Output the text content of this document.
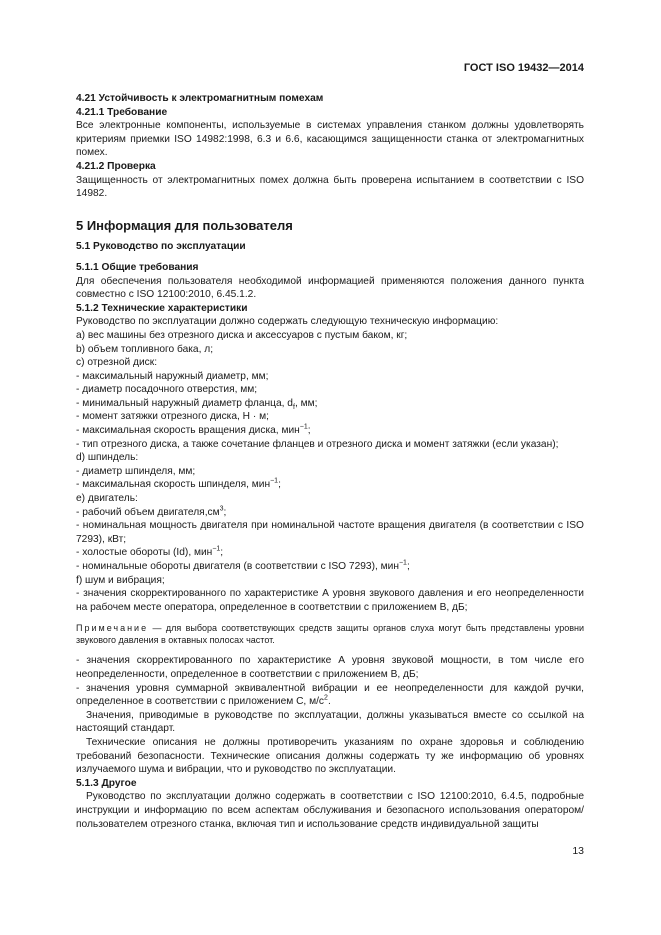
ГОСТ ISO 19432—2014

4.21 Устойчивость к электромагнитным помехам

4.21.1 Требование

Все электронные компоненты, используемые в системах управления станком должны удовлетворять критериям приемки ISO 14982:1998, 6.3 и 6.6, касающимся защищенности станка от электромагнитных помех.

4.21.2 Проверка

Защищенность от электромагнитных помех должна быть проверена испытанием в соответствии с ISO 14982.

5 Информация для пользователя

5.1 Руководство по эксплуатации

5.1.1 Общие требования

Для обеспечения пользователя необходимой информацией применяются положения данного пункта совместно с ISO 12100:2010, 6.45.1.2.

5.1.2 Технические характеристики

Руководство по эксплуатации должно содержать следующую техническую информацию:

а) вес машины без отрезного диска и аксессуаров с пустым баком, кг;

b) объем топливного бака, л;

с) отрезной диск:

- максимальный наружный диаметр, мм;

- диаметр посадочного отверстия, мм;

- минимальный наружный диаметр фланца, $d_f$, мм;

- момент затяжки отрезного диска, Н · м;

- максимальная скорость вращения диска, мин$^{-1}$;

- тип отрезного диска, а также сочетание фланцев и отрезного диска и момент затяжки (если указан);

d) шпиндель:

- диаметр шпинделя, мм;

- максимальная скорость шпинделя, мин$^{-1}$;

е) двигатель:

- рабочий объем $двигателя,см^3$;

- номинальная мощность двигателя при номинальной частоте вращения двигателя (в соответствии с ISO 7293), кВт;

- холостые обороты (Id), мин$^{-1}$;

- номинальные обороты двигателя (в соответствии с ISO 7293), мин$^{-1}$;

f) шум и вибрация;

- значения скорректированного по характеристике А уровня звукового давления и его неопределенности на рабочем месте оператора, определенное в соответствии с приложением В, дБ;

Примечание — для выбора соответствующих средств защиты органов слуха могут быть представлены уровни звукового давления в октавных полосах частот.

- значения скорректированного по характеристике А уровня звуковой мощности, в том числе его неопределенности, определенное в соответствии с приложением В, дБ;

- значения уровня суммарной эквивалентной вибрации и ее неопределенности для каждой ручки, определенное в соответствии с приложением С, $м/с^2$.

Значения, приводимые в руководстве по эксплуатации, должны указываться вместе со ссылкой на настоящий стандарт.

Технические описания не должны противоречить указаниям по охране здоровья и соблюдению требований безопасности. Технические описания должны содержать ту же информацию об уровнях излучаемого шума и вибрации, что и руководство по эксплуатации.

5.1.3 Другое

Руководство по эксплуатации должно содержать в соответствии с ISO 12100:2010, 6.4.5, подробные инструкции и информацию по всем аспектам обслуживания и безопасного использования оператором/пользователем отрезного станка, включая тип и использование средств индивидуальной защиты

13
